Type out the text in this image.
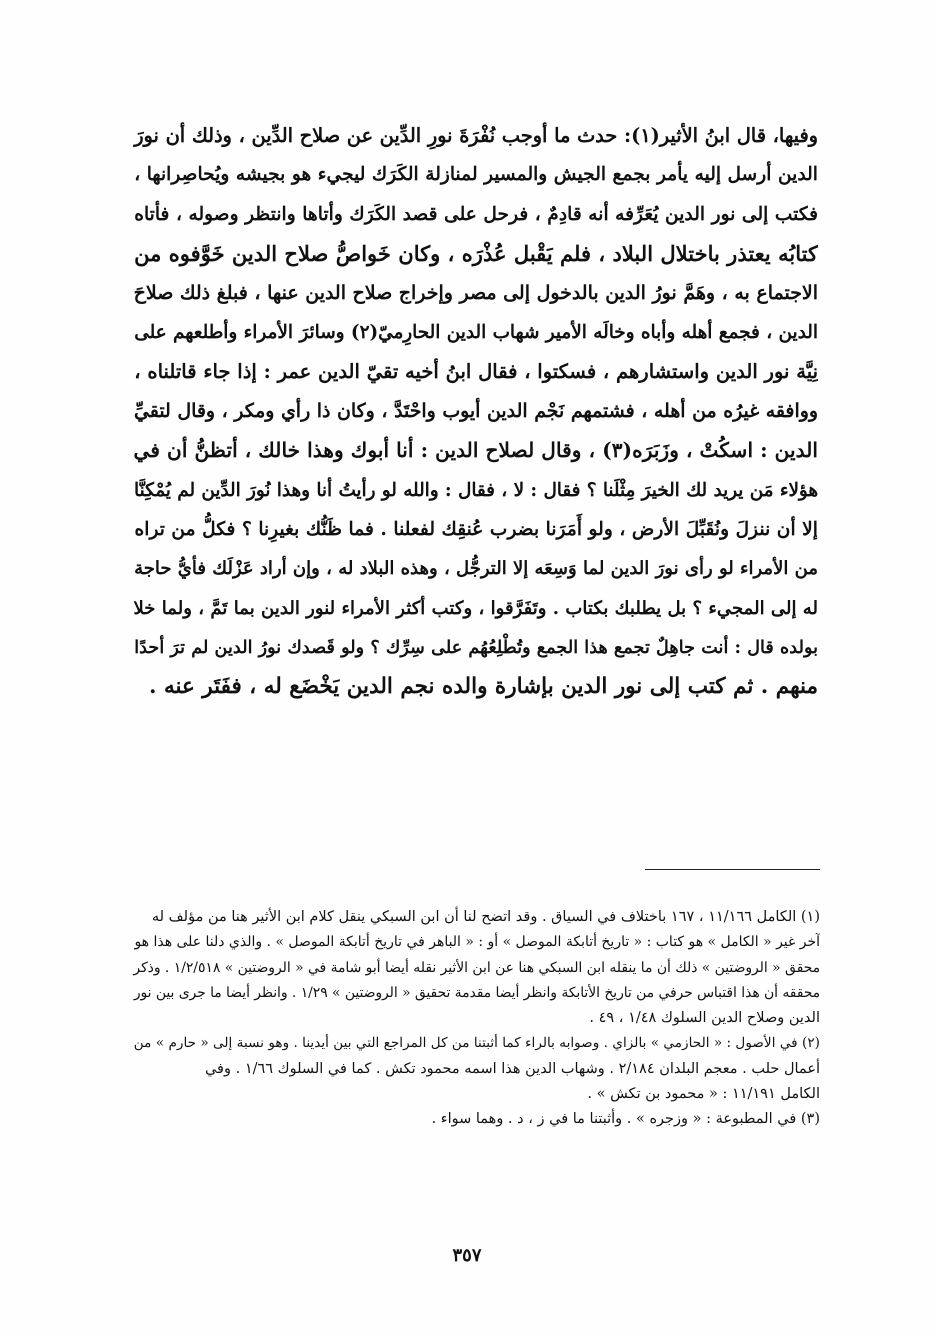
وفيها، قال ابنُ الأثير(١): حدث ما أوجب نُفْرَةَ نورِ الدِّين عن صلاح الدِّين ، وذلك أن نورَ
الدين أرسل إليه يأمر بجمع الجيش والمسير لمنازلة الكَرَك ليجيء هو بجيشه ويُحاصِرانها ،
فكتب إلى نور الدين يُعَرِّفه أنه قادِمٌ ، فرحل على قصد الكَرَك وأتاها وانتظر وصوله ، فأتاه
كتابُه يعتذر باختلال البلاد ، فلم يَقْبل عُذْرَه ، وكان خَواصُّ صلاح الدين خَوَّفوه من
الاجتماع به ، وهَمَّ نورُ الدين بالدخول إلى مصر وإخراج صلاح الدين عنها ، فبلغ ذلك صلاحَ
الدين ، فجمع أهله وأباه وخالَه الأمير شهاب الدين الحارِميّ(٢) وسائرَ الأمراء وأطلعهم على
نِيَّة نور الدين واستشارهم ، فسكتوا ، فقال ابنُ أخيه تقيّ الدين عمر : إذا جاء قاتلناه ،
ووافقه غيرُه من أهله ، فشتمهم نَجْم الدين أيوب واحْتَدَّ ، وكان ذا رأي ومكر ، وقال لتقيِّ
الدين : اسكُتْ ، وزَبَرَه(٣) ، وقال لصلاح الدين : أنا أبوك وهذا خالك ، أتظنُّ أن في
هؤلاء مَن يريد لك الخيرَ مِثْلَنا ؟ فقال : لا ، فقال : والله لو رأيتُ أنا وهذا نُورَ الدِّين لم يُمْكِنَّا
إلا أن ننزلَ ونُقَبِّلَ الأرض ، ولو أَمَرَنا بضرب عُنقِك لفعلنا . فما ظَنُّك بغيرِنا ؟ فكلُّ من تراه
من الأمراء لو رأى نورَ الدين لما وَسِعَه إلا الترجُّل ، وهذه البلاد له ، وإن أراد عَزْلَك فأيُّ حاجة
له إلى المجيء ؟ بل يطلبك بكتاب . وتَفَرَّقوا ، وكتب أكثر الأمراء لنور الدين بما تَمَّ ، ولما خلا
بولده قال : أنت جاهِلٌ تجمع هذا الجمع وتُطْلِعُهُم على سِرِّك ؟ ولو قَصدك نورُ الدين لم ترَ أحدًا
منهم . ثم كتب إلى نور الدين بإشارة والده نجم الدين يَخْضَع له ، ففَتَر عنه .
(١) الكامل ١١/١٦٦ ، ١٦٧ باختلاف في السياق . وقد اتضح لنا أن ابن السبكي ينقل كلام ابن الأثير هنا من مؤلف له
آخر غير « الكامل » هو كتاب : « تاريخ أتابكة الموصل » أو : « الباهر في تاريخ أتابكة الموصل » . والذي دلنا على هذا هو
محقق « الروضتين » ذلك أن ما ينقله ابن السبكي هنا عن ابن الأثير نقله أيضا أبو شامة في « الروضتين » ١/٢/٥١٨ . وذكر
محققه أن هذا اقتباس حرفي من تاريخ الأتابكة وانظر أيضا مقدمة تحقيق « الروضتين » ١/٢٩ . وانظر أيضا ما جرى بين نور
الدين وصلاح الدين السلوك ١/٤٨ ، ٤٩ .
(٢) في الأصول : « الحازمي » بالزاي . وصوابه بالراء كما أثبتنا من كل المراجع التي بين أيدينا . وهو نسبة إلى « حارم » من
أعمال حلب . معجم البلدان ٢/١٨٤ . وشهاب الدين هذا اسمه محمود تكش . كما في السلوك ١/٦٦ . وفي
الكامل ١١/١٩١ : « محمود بن تكش » .
(٣) في المطبوعة : « وزجره » . وأثبتنا ما في ز ، د . وهما سواء .
٣٥٧
